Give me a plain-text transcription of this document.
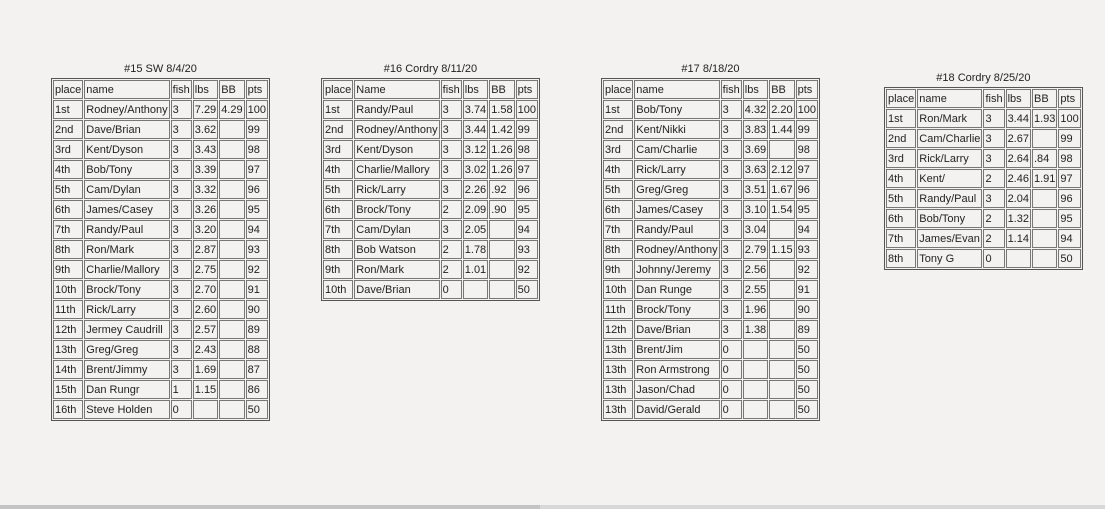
#15 SW 8/4/20
place	name	fish	lbs	BB	pts
1st	Rodney/Anthony	3	7.29	4.29	100
2nd	Dave/Brian	3	3.62		99
3rd	Kent/Dyson	3	3.43		98
4th	Bob/Tony	3	3.39		97
5th	Cam/Dylan	3	3.32		96
6th	James/Casey	3	3.26		95
7th	Randy/Paul	3	3.20		94
8th	Ron/Mark	3	2.87		93
9th	Charlie/Mallory	3	2.75		92
10th	Brock/Tony	3	2.70		91
11th	Rick/Larry	3	2.60		90
12th	Jermey Caudrill	3	2.57		89
13th	Greg/Greg	3	2.43		88
14th	Brent/Jimmy	3	1.69		87
15th	Dan Rungr	1	1.15		86
16th	Steve Holden	0			50
#16 Cordry 8/11/20
place	Name	fish	lbs	BB	pts
1st	Randy/Paul	3	3.74	1.58	100
2nd	Rodney/Anthony	3	3.44	1.42	99
3rd	Kent/Dyson	3	3.12	1.26	98
4th	Charlie/Mallory	3	3.02	1.26	97
5th	Rick/Larry	3	2.26	.92	96
6th	Brock/Tony	2	2.09	.90	95
7th	Cam/Dylan	3	2.05		94
8th	Bob Watson	2	1.78		93
9th	Ron/Mark	2	1.01		92
10th	Dave/Brian	0			50
#17 8/18/20
place	name	fish	lbs	BB	pts
1st	Bob/Tony	3	4.32	2.20	100
2nd	Kent/Nikki	3	3.83	1.44	99
3rd	Cam/Charlie	3	3.69		98
4th	Rick/Larry	3	3.63	2.12	97
5th	Greg/Greg	3	3.51	1.67	96
6th	James/Casey	3	3.10	1.54	95
7th	Randy/Paul	3	3.04		94
8th	Rodney/Anthony	3	2.79	1.15	93
9th	Johnny/Jeremy	3	2.56		92
10th	Dan Runge	3	2.55		91
11th	Brock/Tony	3	1.96		90
12th	Dave/Brian	3	1.38		89
13th	Brent/Jim	0			50
13th	Ron Armstrong	0			50
13th	Jason/Chad	0			50
13th	David/Gerald	0			50
#18 Cordry 8/25/20
place	name	fish	lbs	BB	pts
1st	Ron/Mark	3	3.44	1.93	100
2nd	Cam/Charlie	3	2.67		99
3rd	Rick/Larry	3	2.64	.84	98
4th	Kent/	2	2.46	1.91	97
5th	Randy/Paul	3	2.04		96
6th	Bob/Tony	2	1.32		95
7th	James/Evan	2	1.14		94
8th	Tony G	0			50
